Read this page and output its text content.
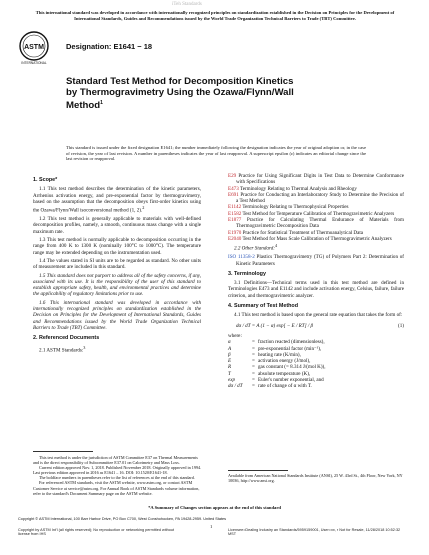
iTeh Standards
This international standard was developed in accordance with internationally recognized principles on standardization established in the Decision on Principles for the Development of International Standards, Guides and Recommendations issued by the World Trade Organization Technical Barriers to Trade (TBT) Committee.
ASTM
INTERNATIONAL
Designation: E1641 − 18
Standard Test Method for Decomposition Kinetics by Thermogravimetry Using the Ozawa/Flynn/Wall Method$^1$
This standard is issued under the fixed designation E1641; the number immediately following the designation indicates the year of original adoption or, in the case of revision, the year of last revision. A number in parentheses indicates the year of last reapproval. A superscript epsilon (ε) indicates an editorial change since the last revision or reapproval.
1. Scope*

1.1 This test method describes the determination of the kinetic parameters, Arrhenius activation energy, and pre-exponential factor by thermogravimetry, based on the assumption that the decomposition obeys first-order kinetics using the Ozawa/Flynn/Wall isoconversional method (1, 2).$^2$

1.2 This test method is generally applicable to materials with well-defined decomposition profiles, namely, a smooth, continuous mass change with a single maximum rate.

1.3 This test method is normally applicable to decomposition occurring in the range from 400 K to 1300 K (nominally 100°C to 1000°C). The temperature range may be extended depending on the instrumentation used.

1.4 The values stated in SI units are to be regarded as standard. No other units of measurement are included in this standard.

1.5 This standard does not purport to address all of the safety concerns, if any, associated with its use. It is the responsibility of the user of this standard to establish appropriate safety, health, and environmental practices and determine the applicability of regulatory limitations prior to use.

1.6 This international standard was developed in accordance with internationally recognized principles on standardization established in the Decision on Principles for the Development of International Standards, Guides and Recommendations issued by the World Trade Organization Technical Barriers to Trade (TBT) Committee.

2. Referenced Documents

2.1 ASTM Standards:$^3$

This test method is under the jurisdiction of ASTM Committee E37 on Thermal Measurements and is the direct responsibility of Subcommittee E37.01 on Calorimetry and Mass Loss.

Current edition approved Nov. 1, 2018. Published November 2018. Originally approved in 1994. Last previous edition approved in 2016 as E1641 – 16. DOI: 10.1520/E1641-18.

The boldface numbers in parentheses refer to the list of references at the end of this standard.

For referenced ASTM standards, visit the ASTM website, www.astm.org, or contact ASTM Customer Service at service@astm.org. For Annual Book of ASTM Standards volume information, refer to the standard's Document Summary page on the ASTM website.

E29 Practice for Using Significant Digits in Test Data to Determine Conformance with Specifications

E473 Terminology Relating to Thermal Analysis and Rheology

E691 Practice for Conducting an Interlaboratory Study to Determine the Precision of a Test Method

E1142 Terminology Relating to Thermophysical Properties

E1582 Test Method for Temperature Calibration of Thermogravimetric Analyzers

E1877 Practice for Calculating Thermal Endurance of Materials from Thermogravimetric Decomposition Data

E1970 Practice for Statistical Treatment of Thermoanalytical Data

E2040 Test Method for Mass Scale Calibration of Thermogravimetric Analyzers

2.2 Other Standard:$^4$

ISO 11358-2 Plastics Thermogravimetry (TG) of Polymers Part 2: Determination of Kinetic Parameters

3. Terminology

3.1 Definitions—Technical terms used in this test method are defined in Terminologies E473 and E1142 and include activation energy, Celsius, failure, failure criterion, and thermogravimetric analyzer.

4. Summary of Test Method

4.1 This test method is based upon the general rate equation that takes the form of:

dα / dT = A (1 − α) exp[ − E / RT] / β	(1)

where:

α	= fraction reacted (dimensionless),
A	= pre-exponential factor (min⁻¹),
β	= heating rate (K/min),
E	= activation energy (J/mol),
R	= gas constant (= 8.314 J/(mol K)),
T	= absolute temperature (K),
exp	= Euler's number exponential, and
dα / dT	= rate of change of α with T.
Available from American National Standards Institute (ANSI), 25 W. 43rd St., 4th Floor, New York, NY 10036, http://www.ansi.org.
*A Summary of Changes section appears at the end of this standard
Copyright © ASTM International, 100 Barr Harbor Drive, PO Box C700, West Conshohocken, PA 19428-2959. United States
1
Copyright by ASTM Int'l (all rights reserved); No reproduction or networking permitted without license from IHS
Licensee=Dealing Industry an Standards/5959159001, User=xx, r Not for Resale, 11/28/2018 10:52:32 MST
